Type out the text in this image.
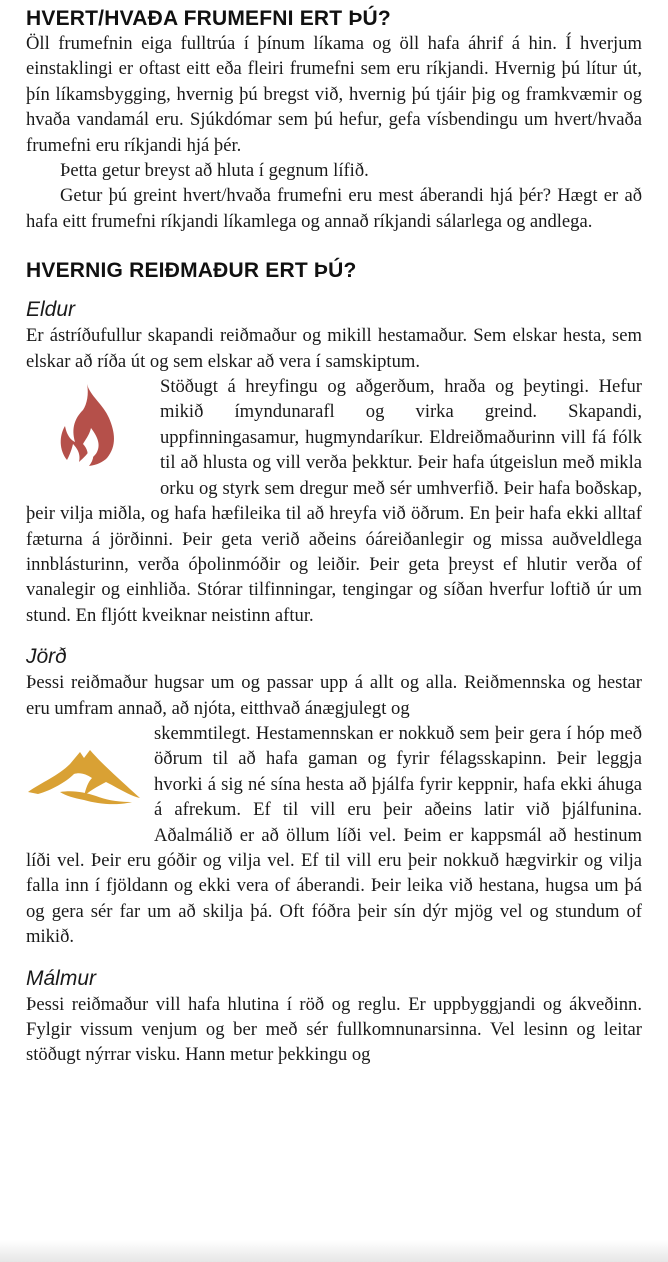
HVERT/HVAÐA FRUMEFNI ERT ÞÚ?

Öll frumefnin eiga fulltrúa í þínum líkama og öll hafa áhrif á hin. Í hverjum einstaklingi er oftast eitt eða fleiri frumefni sem eru ríkjandi. Hvernig þú lítur út, þín líkamsbygging, hvernig þú bregst við, hvernig þú tjáir þig og framkvæmir og hvaða vandamál eru. Sjúkdómar sem þú hefur, gefa vísbendingu um hvert/hvaða frumefni eru ríkjandi hjá þér.

Þetta getur breyst að hluta í gegnum lífið.

Getur þú greint hvert/hvaða frumefni eru mest áberandi hjá þér? Hægt er að hafa eitt frumefni ríkjandi líkamlega og annað ríkjandi sálarlega og andlega.

HVERNIG REIÐMAÐUR ERT ÞÚ?
Eldur

Er ástríðufullur skapandi reiðmaður og mikill hestamaður. Sem elskar hesta, sem elskar að ríða út og sem elskar að vera í samskiptum.

Stöðugt á hreyfingu og aðgerðum, hraða og þeytingi. Hefur mikið ímyndunarafl og virka greind. Skapandi, uppfinningasamur, hugmyndaríkur. Eldreiðmaðurinn vill fá fólk til að hlusta og vill verða þekktur. Þeir hafa útgeislun með mikla orku og styrk sem dregur með sér umhverfið. Þeir hafa boðskap, þeir vilja miðla, og hafa hæfileika til að hreyfa við öðrum. En þeir hafa ekki alltaf fæturna á jörðinni. Þeir geta verið aðeins óáreiðanlegir og missa auðveldlega innblásturinn, verða óþolinmóðir og leiðir. Þeir geta þreyst ef hlutir verða of vanalegir og einhliða. Stórar tilfinningar, tengingar og síðan hverfur loftið úr um stund. En fljótt kveiknar neistinn aftur.

Jörð

Þessi reiðmaður hugsar um og passar upp á allt og alla. Reiðmennska og hestar eru umfram annað, að njóta, eitthvað ánægjulegt og

skemmtilegt. Hestamennskan er nokkuð sem þeir gera í hóp með öðrum til að hafa gaman og fyrir félagsskapinn. Þeir leggja hvorki á sig né sína hesta að þjálfa fyrir keppnir, hafa ekki áhuga á afrekum. Ef til vill eru þeir aðeins latir við þjálfunina. Aðalmálið er að öllum líði vel. Þeim er kappsmál að hestinum líði vel. Þeir eru góðir og vilja vel. Ef til vill eru þeir nokkuð hægvirkir og vilja falla inn í fjöldann og ekki vera of áberandi. Þeir leika við hestana, hugsa um þá og gera sér far um að skilja þá. Oft fóðra þeir sín dýr mjög vel og stundum of mikið.

Málmur

Þessi reiðmaður vill hafa hlutina í röð og reglu. Er uppbyggjandi og ákveðinn. Fylgir vissum venjum og ber með sér fullkomnunarsinna. Vel lesinn og leitar stöðugt nýrrar visku. Hann metur þekkingu og
